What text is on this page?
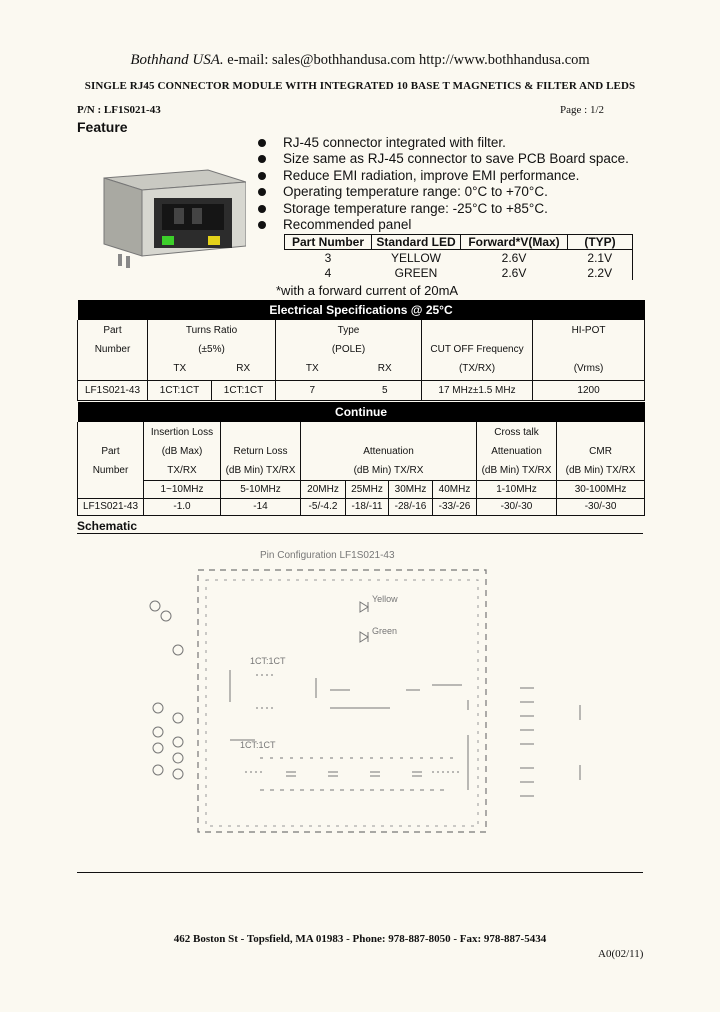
Bothhand USA. e-mail: sales@bothhandusa.com http://www.bothhandusa.com
SINGLE RJ45 CONNECTOR MODULE WITH INTEGRATED 10 BASE T MAGNETICS & FILTER AND LEDS
P/N : LF1S021-43	Page : 1/2
Feature
RJ-45 connector integrated with filter.
Size same as RJ-45 connector to save PCB Board space.
Reduce EMI radiation, improve EMI performance.
Operating temperature range: 0°C to +70°C.
Storage temperature range: -25°C to +85°C.
Recommended panel
Part Number	Standard LED	Forward*V(Max)	(TYP)
3	YELLOW	2.6V	2.1V
4	GREEN	2.6V	2.2V
*with a forward current of 20mA
Electrical Specifications @ 25°C						
Part	Turns Ratio		Type			HI-POT
Number	(±5%)		(POLE)		CUT OFF Frequency	
	TX	RX	TX	RX	(TX/RX)	(Vrms)
LF1S021-43	1CT:1CT	1CT:1CT	7	5	17 MHz±1.5 MHz	1200
Continue								
	Insertion Loss						Cross talk	
Part	(dB Max)	Return Loss	Attenuation				Attenuation	CMR
Number	TX/RX	(dB Min) TX/RX	(dB Min) TX/RX				(dB Min) TX/RX	(dB Min) TX/RX
	1~10MHz	5-10MHz	20MHz	25MHz	30MHz	40MHz	1-10MHz	30-100MHz
LF1S021-43	-1.0	-14	-5/-4.2	-18/-11	-28/-16	-33/-26	-30/-30	-30/-30
Schematic
Pin Configuration LF1S021-43
Yellow
Green
1CT:1CT
1CT:1CT
462 Boston St - Topsfield, MA 01983 - Phone: 978-887-8050 - Fax: 978-887-5434
A0(02/11)
